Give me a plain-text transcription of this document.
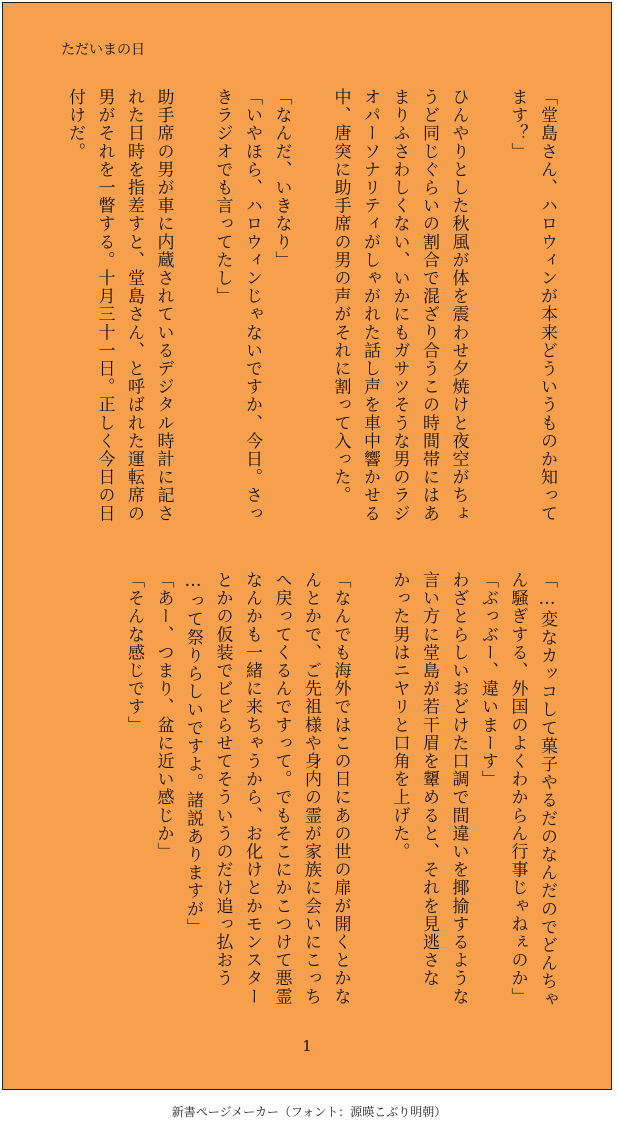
ただいまの日
「堂島さん、ハロウィンが本来どういうものか知って
ます？」

ひんやりとした秋風が体を震わせ夕焼けと夜空がちょ
うど同じぐらいの割合で混ざり合うこの時間帯にはあ
まりふさわしくない、いかにもガサツそうな男のラジ
オパーソナリティがしゃがれた話し声を車中響かせる
中、唐突に助手席の男の声がそれに割って入った。

「なんだ、いきなり」
「いやほら、ハロウィンじゃないですか、今日。さっ
きラジオでも言ってたし」

助手席の男が車に内蔵されているデジタル時計に記さ
れた日時を指差すと、堂島さん、と呼ばれた運転席の
男がそれを一瞥する。十月三十一日。正しく今日の日
付けだ。
「…変なカッコして菓子やるだのなんだのでどんちゃ
ん騒ぎする、外国のよくわからん行事じゃねぇのか」
「ぶっぶー、違いまーす」
わざとらしいおどけた口調で間違いを揶揄するような
言い方に堂島が若干眉を顰めると、それを見逃さな
かった男はニヤリと口角を上げた。

「なんでも海外ではこの日にあの世の扉が開くとかな
んとかで、ご先祖様や身内の霊が家族に会いにこっち
へ戻ってくるんですって。でもそこにかこつけて悪霊
なんかも一緒に来ちゃうから、お化けとかモンスター
とかの仮装でビビらせてそういうのだけ追っ払おう
…って祭りらしいですよ。諸説ありますが」
「あー、つまり、盆に近い感じか」
「そんな感じです」
1
新書ページメーカー（フォント：源暎こぶり明朝）
